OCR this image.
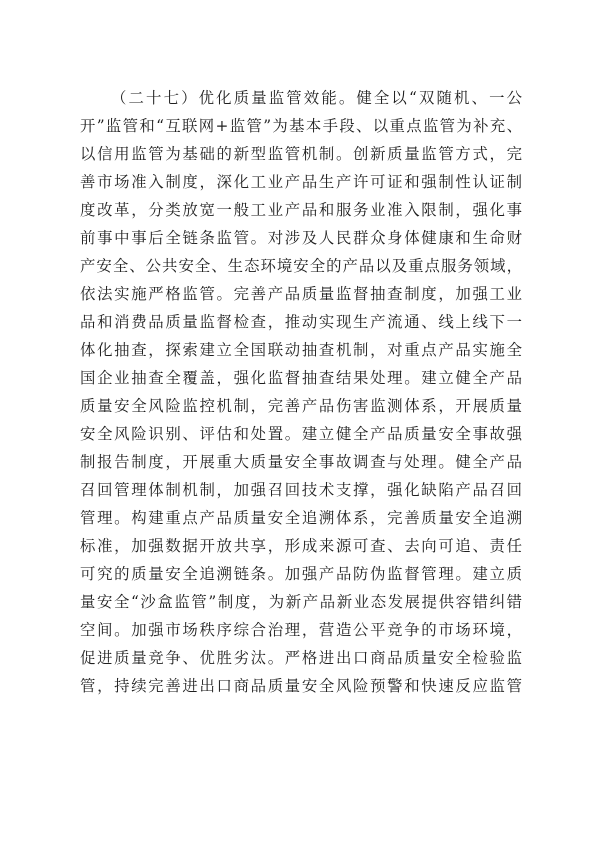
（二十七）优化质量监管效能。健全以“双随机、一公
开”监管和“互联网+监管”为基本手段、以重点监管为补充、
以信用监管为基础的新型监管机制。创新质量监管方式，完
善市场准入制度，深化工业产品生产许可证和强制性认证制
度改革，分类放宽一般工业产品和服务业准入限制，强化事
前事中事后全链条监管。对涉及人民群众身体健康和生命财
产安全、公共安全、生态环境安全的产品以及重点服务领域，
依法实施严格监管。完善产品质量监督抽查制度，加强工业
品和消费品质量监督检查，推动实现生产流通、线上线下一
体化抽查，探索建立全国联动抽查机制，对重点产品实施全
国企业抽查全覆盖，强化监督抽查结果处理。建立健全产品
质量安全风险监控机制，完善产品伤害监测体系，开展质量
安全风险识别、评估和处置。建立健全产品质量安全事故强
制报告制度，开展重大质量安全事故调查与处理。健全产品
召回管理体制机制，加强召回技术支撑，强化缺陷产品召回
管理。构建重点产品质量安全追溯体系，完善质量安全追溯
标准，加强数据开放共享，形成来源可查、去向可追、责任
可究的质量安全追溯链条。加强产品防伪监督管理。建立质
量安全“沙盒监管”制度，为新产品新业态发展提供容错纠错
空间。加强市场秩序综合治理，营造公平竞争的市场环境，
促进质量竞争、优胜劣汰。严格进出口商品质量安全检验监
管，持续完善进出口商品质量安全风险预警和快速反应监管
